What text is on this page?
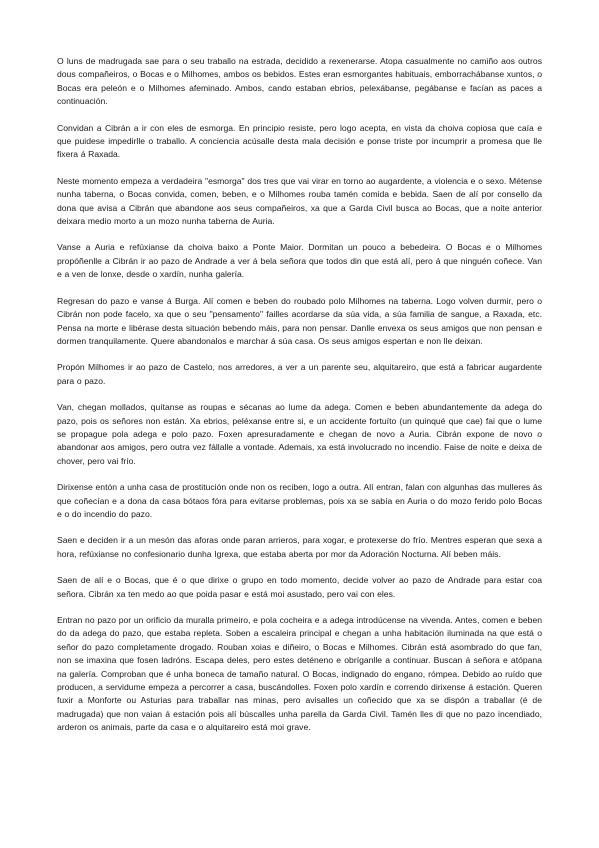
O luns de madrugada sae para o seu traballo na estrada, decidido a rexenerarse. Atopa casualmente no camiño aos outros dous compañeiros, o Bocas e o Milhomes, ambos os bebidos. Estes eran esmorgantes habituais, emborrachábanse xuntos, o Bocas era peleón e o Milhomes afeminado. Ambos, cando estaban ebrios, pelexábanse, pegábanse e facían as paces a continuación.

Convidan a Cibrán a ir con eles de esmorga. En principio resiste, pero logo acepta, en vista da choiva copiosa que caía e que puidese impedirlle o traballo. A conciencia acúsalle desta mala decisión e ponse triste por incumprir a promesa que lle fixera á Raxada.

Neste momento empeza a verdadeira "esmorga" dos tres que vai virar en torno ao augardente, a violencia e o sexo. Métense nunha taberna, o Bocas convida, comen, beben, e o Milhomes rouba tamén comida e bebida. Saen de alí por consello da dona que avisa a Cibrán que abandone aos seus compañeiros, xa que a Garda Civil busca ao Bocas, que a noite anterior deixara medio morto a un mozo nunha taberna de Auria.

Vanse a Auria e refúxianse da choiva baixo a Ponte Maior. Dormitan un pouco a bebedeira. O Bocas e o Milhomes propóñenlle a Cibrán ir ao pazo de Andrade a ver á bela señora que todos din que está alí, pero á que ninguén coñece. Van e a ven de lonxe, desde o xardín, nunha galería.

Regresan do pazo e vanse á Burga. Alí comen e beben do roubado polo Milhomes na taberna. Logo volven durmir, pero o Cibrán non pode facelo, xa que o seu "pensamento" failles acordarse da súa vida, a súa familia de sangue, a Raxada, etc. Pensa na morte e libérase desta situación bebendo máis, para non pensar. Danlle envexa os seus amigos que non pensan e dormen tranquilamente. Quere abandonalos e marchar á súa casa. Os seus amigos espertan e non lle deixan.

Propón Milhomes ir ao pazo de Castelo, nos arredores, a ver a un parente seu, alquitareiro, que está a fabricar augardente para o pazo.

Van, chegan mollados, quítanse as roupas e sécanas ao lume da adega. Comen e beben abundantemente da adega do pazo, pois os señores non están. Xa ebrios, peléxanse entre si, e un accidente fortuíto (un quinqué que cae) fai que o lume se propague pola adega e polo pazo. Foxen apresuradamente e chegan de novo a Auria. Cibrán expone de novo o abandonar aos amigos, pero outra vez fállalle a vontade. Ademais, xa está involucrado no incendio. Faise de noite e deixa de chover, pero vai frío.

Dirixense entón a unha casa de prostitución onde non os reciben, logo a outra. Alí entran, falan con algunhas das mulleres ás que coñecían e a dona da casa bótaos fóra para evitarse problemas, pois xa se sabía en Auria o do mozo ferido polo Bocas e o do incendio do pazo.

Saen e deciden ir a un mesón das aforas onde paran arrieros, para xogar, e protexerse do frío. Mentres esperan que sexa a hora, refúxianse no confesionario dunha Igrexa, que estaba aberta por mor da Adoración Nocturna. Alí beben máis.

Saen de alí e o Bocas, que é o que dirixe o grupo en todo momento, decide volver ao pazo de Andrade para estar coa señora. Cibrán xa ten medo ao que poida pasar e está moi asustado, pero vai con eles.

Entran no pazo por un orificio da muralla primeiro, e pola cocheira e a adega introdúcense na vivenda. Antes, comen e beben do da adega do pazo, que estaba repleta. Soben a escaleira principal e chegan a unha habitación iluminada na que está o señor do pazo completamente drogado. Rouban xoias e diñeiro, o Bocas e Milhomes. Cibrán está asombrado do que fan, non se imaxina que fosen ladróns. Escapa deles, pero estes deténeno e obríganlle a continuar. Buscan á señora e atópana na galería. Comproban que é unha boneca de tamaño natural. O Bocas, indignado do engano, rómpea. Debido ao ruído que producen, a servidume empeza a percorrer a casa, buscándolles. Foxen polo xardín e correndo dirixense á estación. Queren fuxir a Monforte ou Asturias para traballar nas minas, pero avisalles un coñecido que xa se dispón a traballar (é de madrugada) que non vaian á estación pois alí búscalles unha parella da Garda Civil. Tamén lles di que no pazo incendiado, arderon os animais, parte da casa e o alquitareiro está moi grave.
